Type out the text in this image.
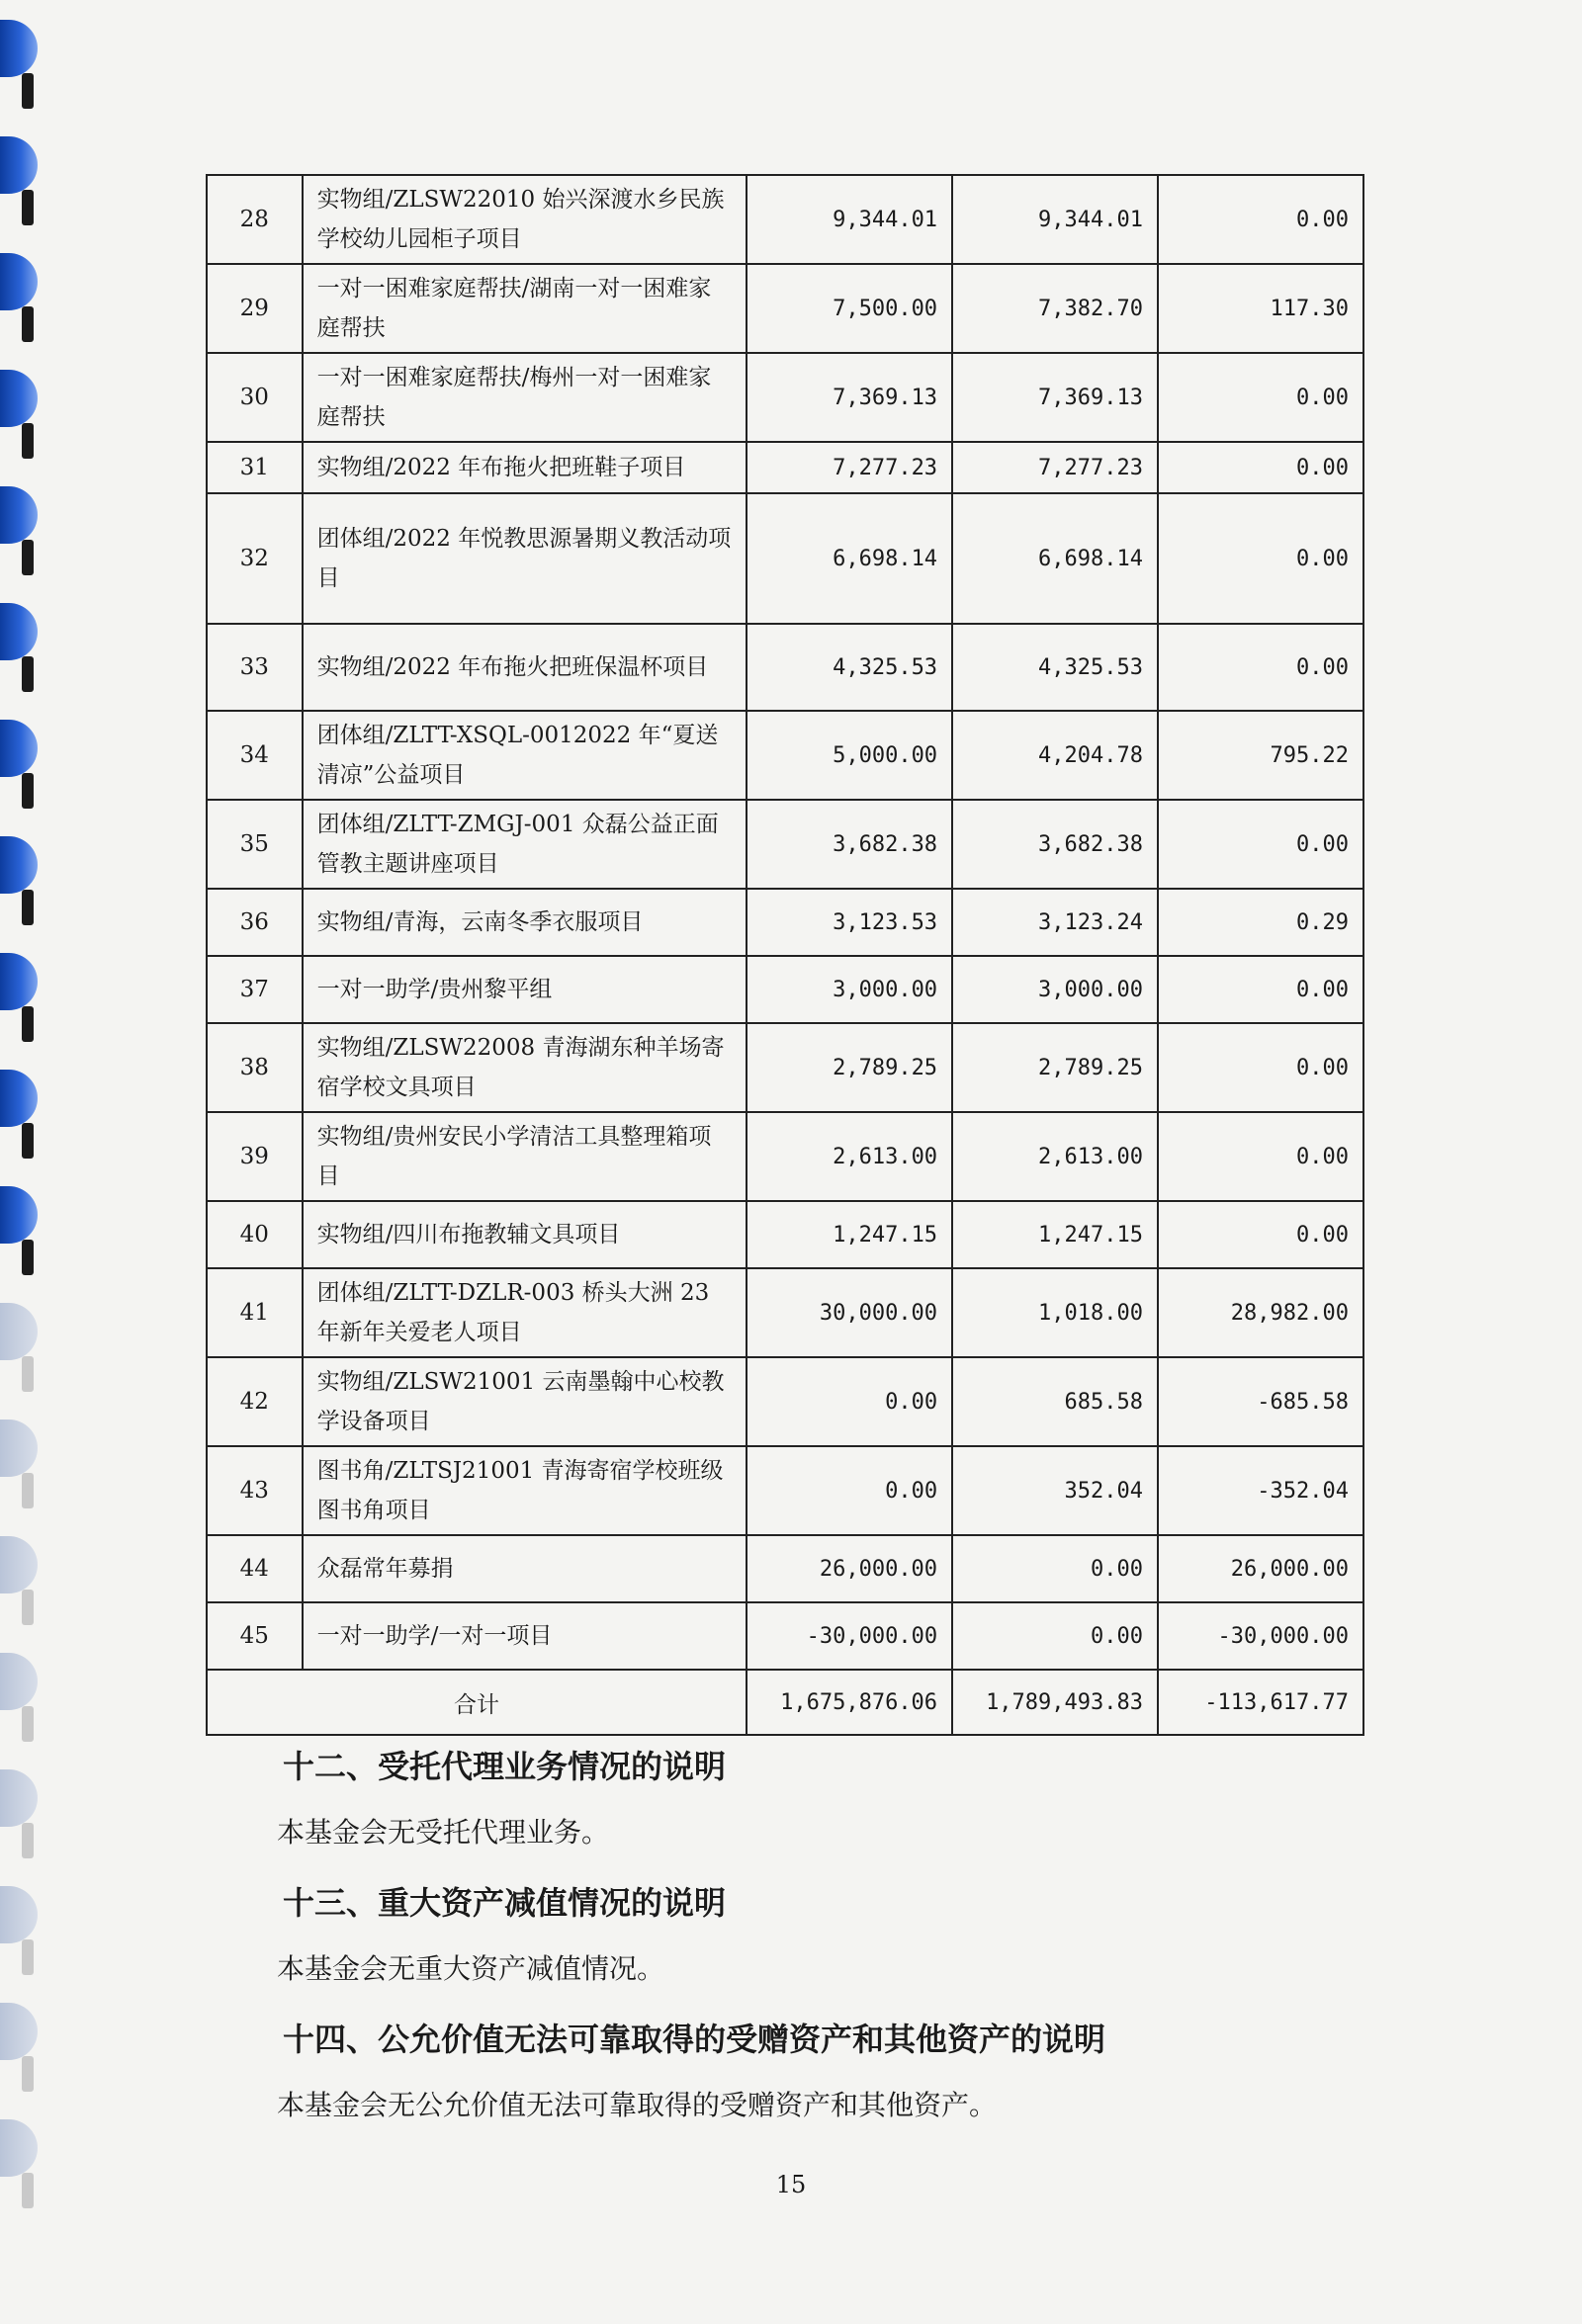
28	实物组/ZLSW22010 始兴深渡水乡民族学校幼儿园柜子项目	9,344.01	9,344.01	0.00
29	一对一困难家庭帮扶/湖南一对一困难家庭帮扶	7,500.00	7,382.70	117.30
30	一对一困难家庭帮扶/梅州一对一困难家庭帮扶	7,369.13	7,369.13	0.00
31	实物组/2022 年布拖火把班鞋子项目	7,277.23	7,277.23	0.00
32	团体组/2022 年悦教思源暑期义教活动项目	6,698.14	6,698.14	0.00
33	实物组/2022 年布拖火把班保温杯项目	4,325.53	4,325.53	0.00
34	团体组/ZLTT-XSQL-0012022 年“夏送清凉”公益项目	5,000.00	4,204.78	795.22
35	团体组/ZLTT-ZMGJ-001 众磊公益正面管教主题讲座项目	3,682.38	3,682.38	0.00
36	实物组/青海，云南冬季衣服项目	3,123.53	3,123.24	0.29
37	一对一助学/贵州黎平组	3,000.00	3,000.00	0.00
38	实物组/ZLSW22008 青海湖东种羊场寄宿学校文具项目	2,789.25	2,789.25	0.00
39	实物组/贵州安民小学清洁工具整理箱项目	2,613.00	2,613.00	0.00
40	实物组/四川布拖教辅文具项目	1,247.15	1,247.15	0.00
41	团体组/ZLTT-DZLR-003 桥头大洲 23 年新年关爱老人项目	30,000.00	1,018.00	28,982.00
42	实物组/ZLSW21001 云南墨翰中心校教学设备项目	0.00	685.58	-685.58
43	图书角/ZLTSJ21001 青海寄宿学校班级图书角项目	0.00	352.04	-352.04
44	众磊常年募捐	26,000.00	0.00	26,000.00
45	一对一助学/一对一项目	-30,000.00	0.00	-30,000.00
合计		1,675,876.06	1,789,493.83	-113,617.77
十二、受托代理业务情况的说明
本基金会无受托代理业务。
十三、重大资产减值情况的说明
本基金会无重大资产减值情况。
十四、公允价值无法可靠取得的受赠资产和其他资产的说明
本基金会无公允价值无法可靠取得的受赠资产和其他资产。
15
